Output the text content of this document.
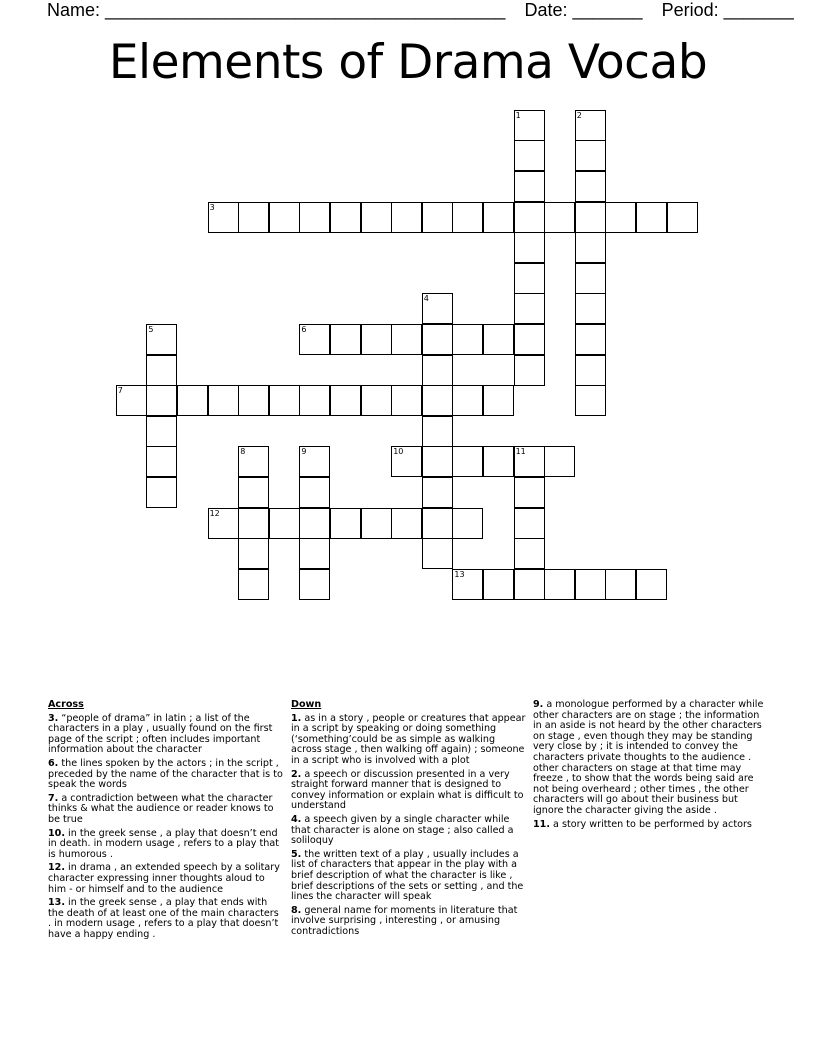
Name: ________________________________________ Date: _______ Period: _______
Elements of Drama Vocab
1	2
3
4
5	6
7
8	9	10	11
12
13
Across
3. “people of drama” in latin ; a list of the characters in a play , usually found on the first page of the script ; often includes important information about the character
6. the lines spoken by the actors ; in the script , preceded by the name of the character that is to speak the words
7. a contradiction between what the character thinks & what the audience or reader knows to be true
10. in the greek sense , a play that doesn’t end in death. in modern usage , refers to a play that is humorous .
12. in drama , an extended speech by a solitary character expressing inner thoughts aloud to him - or himself and to the audience
13. in the greek sense , a play that ends with the death of at least one of the main characters . in modern usage , refers to a play that doesn’t have a happy ending .
Down
1. as in a story , people or creatures that appear in a script by speaking or doing something (‘something’could be as simple as walking across stage , then walking off again) ; someone in a script who is involved with a plot
2. a speech or discussion presented in a very straight forward manner that is designed to convey information or explain what is difficult to understand
4. a speech given by a single character while that character is alone on stage ; also called a soliloquy
5. the written text of a play , usually includes a list of characters that appear in the play with a brief description of what the character is like , brief descriptions of the sets or setting , and the lines the character will speak
8. general name for moments in literature that involve surprising , interesting , or amusing contradictions
9. a monologue performed by a character while other characters are on stage ; the information in an aside is not heard by the other characters on stage , even though they may be standing very close by ; it is intended to convey the characters private thoughts to the audience . other characters on stage at that time may freeze , to show that the words being said are not being overheard ; other times , the other characters will go about their business but ignore the character giving the aside .
11. a story written to be performed by actors
